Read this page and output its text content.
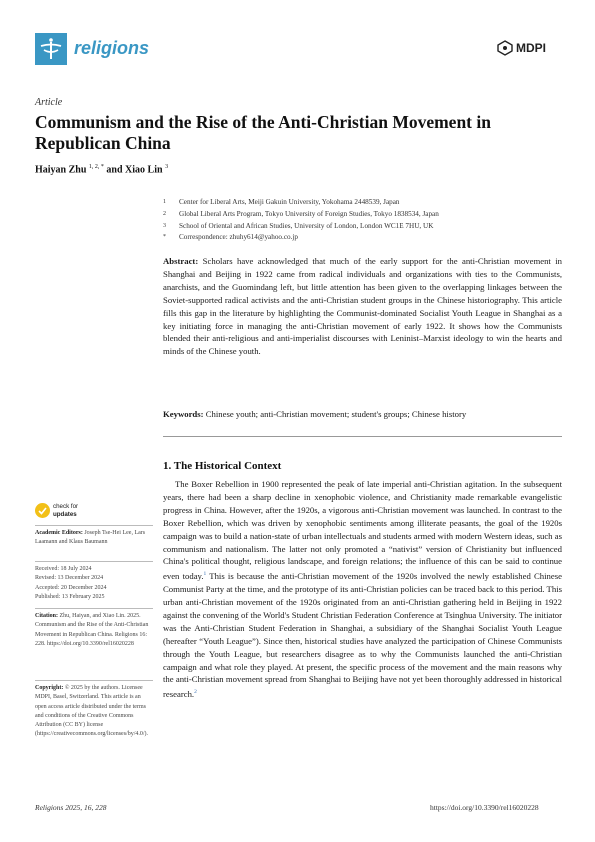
religions	MDPI
Article
Communism and the Rise of the Anti-Christian Movement in Republican China
Haiyan Zhu $^{1, 2, *}$ and Xiao Lin $^3$
1	Center for Liberal Arts, Meiji Gakuin University, Yokohama 2448539, Japan
2	Global Liberal Arts Program, Tokyo University of Foreign Studies, Tokyo 1838534, Japan
3	School of Oriental and African Studies, University of London, London WC1E 7HU, UK
*	Correspondence: zhuhy614@yahoo.co.jp
Abstract: Scholars have acknowledged that much of the early support for the anti-Christian movement in Shanghai and Beijing in 1922 came from radical individuals and organizations with ties to the Communists, anarchists, and the Guomindang left, but little attention has been given to the overlapping linkages between the Soviet-supported radical activists and the anti-Christian student groups in the Chinese historiography. This article fills this gap in the literature by highlighting the Communist-dominated Socialist Youth League in Shanghai as a key initiating force in managing the anti-Christian movement of early 1922. It shows how the Communists blended their anti-religious and anti-imperialist discourses with Leninist–Marxist ideology to win the hearts and minds of the Chinese youth.
Keywords: Chinese youth; anti-Christian movement; student's groups; Chinese history
1. The Historical Context
The Boxer Rebellion in 1900 represented the peak of late imperial anti-Christian agitation. In the subsequent years, there had been a sharp decline in xenophobic violence, and Christianity made remarkable evangelistic progress in China. However, after the 1920s, a vigorous anti-Christian movement was launched. In contrast to the Boxer Rebellion, which was driven by xenophobic sentiments among illiterate peasants, the goal of the 1920s campaign was to build a nation-state of urban intellectuals and students armed with modern Western ideas, such as communism and nationalism. The latter not only promoted a “nativist” version of Christianity but influenced China's political thought, religious landscape, and foreign relations; the influence of this can be said to continue even today.$^1$ This is because the anti-Christian movement of the 1920s involved the newly established Chinese Communist Party at the time, and the prototype of its anti-Christian policies can be traced back to this period. This urban anti-Christian movement of the 1920s originated from an anti-Christian gathering held in Beijing in 1922 against the convening of the World's Student Christian Federation Conference at Tsinghua University. The initiator was the Anti-Christian Student Federation in Shanghai, a subsidiary of the Shanghai Socialist Youth League (hereafter “Youth League”). Since then, historical studies have analyzed the participation of Chinese Communists through the Youth League, but researchers disagree as to why the Communists launched the anti-Christian campaign and what role they played. At present, the specific process of the movement and the main reasons why the anti-Christian movement spread from Shanghai to Beijing have not yet been thoroughly addressed in historical research.$^2$
check for
updates
Academic Editors: Joseph Tse-Hei Lee, Lars Laamann and Klaus Baumann
Received: 18 July 2024
Revised: 13 December 2024
Accepted: 20 December 2024
Published: 13 February 2025
Citation: Zhu, Haiyan, and Xiao Lin. 2025. Communism and the Rise of the Anti-Christian Movement in Republican China. Religions 16: 228. https://doi.org/10.3390/rel16020228
Copyright: © 2025 by the authors. Licensee MDPI, Basel, Switzerland. This article is an open access article distributed under the terms and conditions of the Creative Commons Attribution (CC BY) license (https://creativecommons.org/licenses/by/4.0/).
Religions 2025, 16, 228	https://doi.org/10.3390/rel16020228
